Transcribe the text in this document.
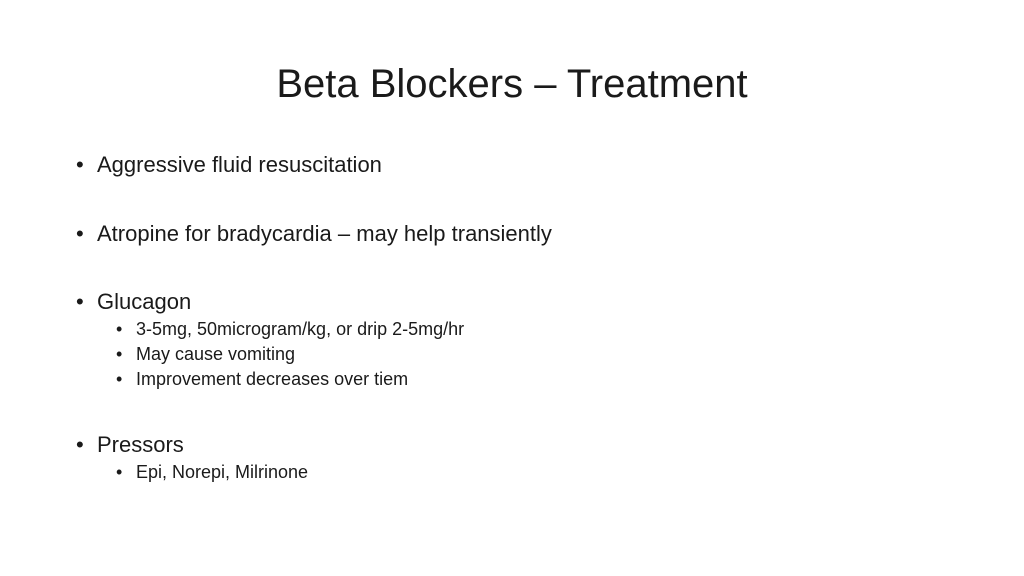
Beta Blockers – Treatment
• Aggressive fluid resuscitation
• Atropine for bradycardia – may help transiently
• Glucagon
• 3-5mg, 50microgram/kg, or drip 2-5mg/hr
• May cause vomiting
• Improvement decreases over tiem
• Pressors
• Epi, Norepi, Milrinone
